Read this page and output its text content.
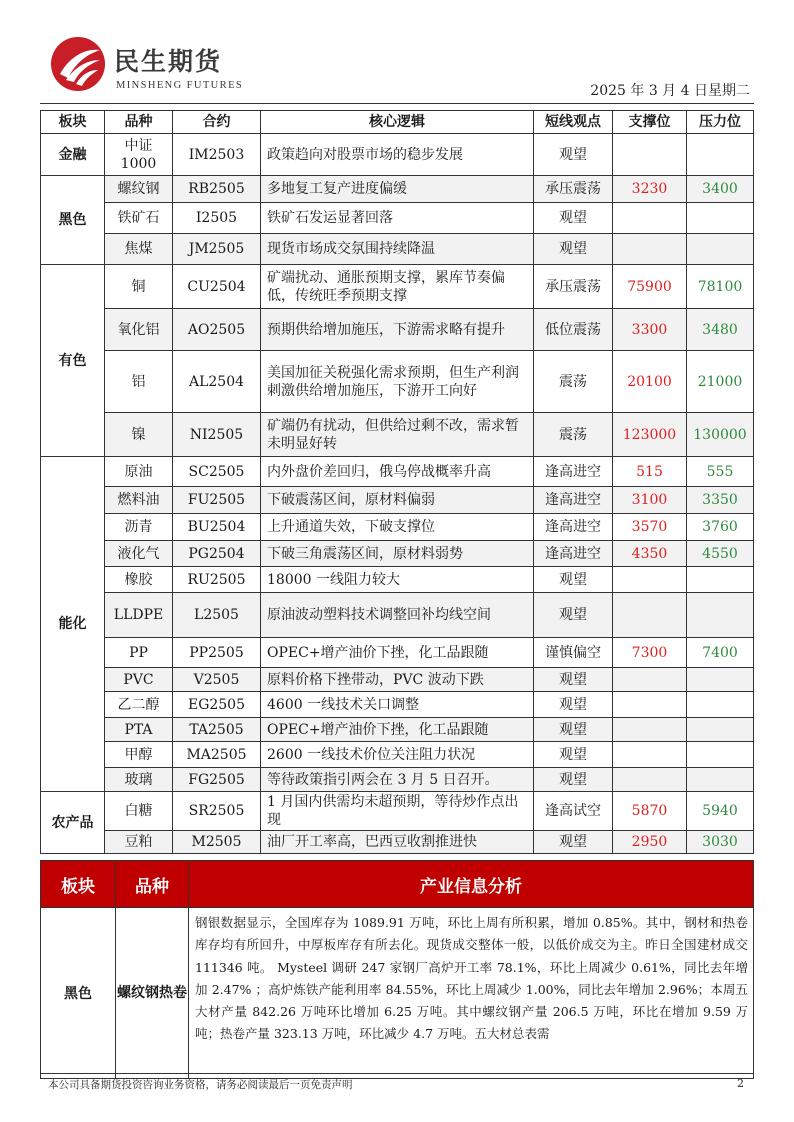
民生期货
MINSHENG FUTURES	2025 年 3 月 4 日星期二
板块	品种	合约	核心逻辑	短线观点	支撑位	压力位
金融	中证 1000	IM2503	政策趋向对股票市场的稳步发展	观望		
黑色	螺纹钢	RB2505	多地复工复产进度偏缓	承压震荡	3230	3400
	铁矿石	I2505	铁矿石发运显著回落	观望		
	焦煤	JM2505	现货市场成交氛围持续降温	观望		
有色	铜	CU2504	矿端扰动、通胀预期支撑，累库节奏偏低，传统旺季预期支撑	承压震荡	75900	78100
	氧化铝	AO2505	预期供给增加施压，下游需求略有提升	低位震荡	3300	3480
	铝	AL2504	美国加征关税强化需求预期，但生产利润刺激供给增加施压，下游开工向好	震荡	20100	21000
	镍	NI2505	矿端仍有扰动，但供给过剩不改，需求暂未明显好转	震荡	123000	130000
能化	原油	SC2505	内外盘价差回归，俄乌停战概率升高	逢高进空	515	555
	燃料油	FU2505	下破震荡区间，原材料偏弱	逢高进空	3100	3350
	沥青	BU2504	上升通道失效，下破支撑位	逢高进空	3570	3760
	液化气	PG2504	下破三角震荡区间，原材料弱势	逢高进空	4350	4550
	橡胶	RU2505	18000 一线阻力较大	观望		
	LLDPE	L2505	原油波动塑料技术调整回补均线空间	观望		
	PP	PP2505	OPEC+增产油价下挫，化工品跟随	谨慎偏空	7300	7400
	PVC	V2505	原料价格下挫带动，PVC 波动下跌	观望		
	乙二醇	EG2505	4600 一线技术关口调整	观望		
	PTA	TA2505	OPEC+增产油价下挫，化工品跟随	观望		
	甲醇	MA2505	2600 一线技术价位关注阻力状况	观望		
	玻璃	FG2505	等待政策指引两会在 3 月 5 日召开。	观望		
农产品	白糖	SR2505	1 月国内供需均未超预期，等待炒作点出现	逢高试空	5870	5940
	豆粕	M2505	油厂开工率高，巴西豆收割推进快	观望	2950	3030
板块	品种	产业信息分析
黑色	螺纹钢热卷	钢银数据显示，全国库存为 1089.91 万吨，环比上周有所积累，增加 0.85%。其中，钢材和热卷库存均有所回升，中厚板库存有所去化。现货成交整体一般，以低价成交为主。昨日全国建材成交 111346 吨。 Mysteel 调研 247 家钢厂高炉开工率 78.1%，环比上周减少 0.61%，同比去年增加 2.47% ；高炉炼铁产能利用率 84.55%，环比上周减少 1.00%，同比去年增加 2.96%；本周五大材产量 842.26 万吨环比增加 6.25 万吨。其中螺纹钢产量 206.5 万吨，环比在增加 9.59 万吨；热卷产量 323.13 万吨，环比减少 4.7 万吨。五大材总表需
本公司具备期货投资咨询业务资格，请务必阅读最后一页免责声明	2
